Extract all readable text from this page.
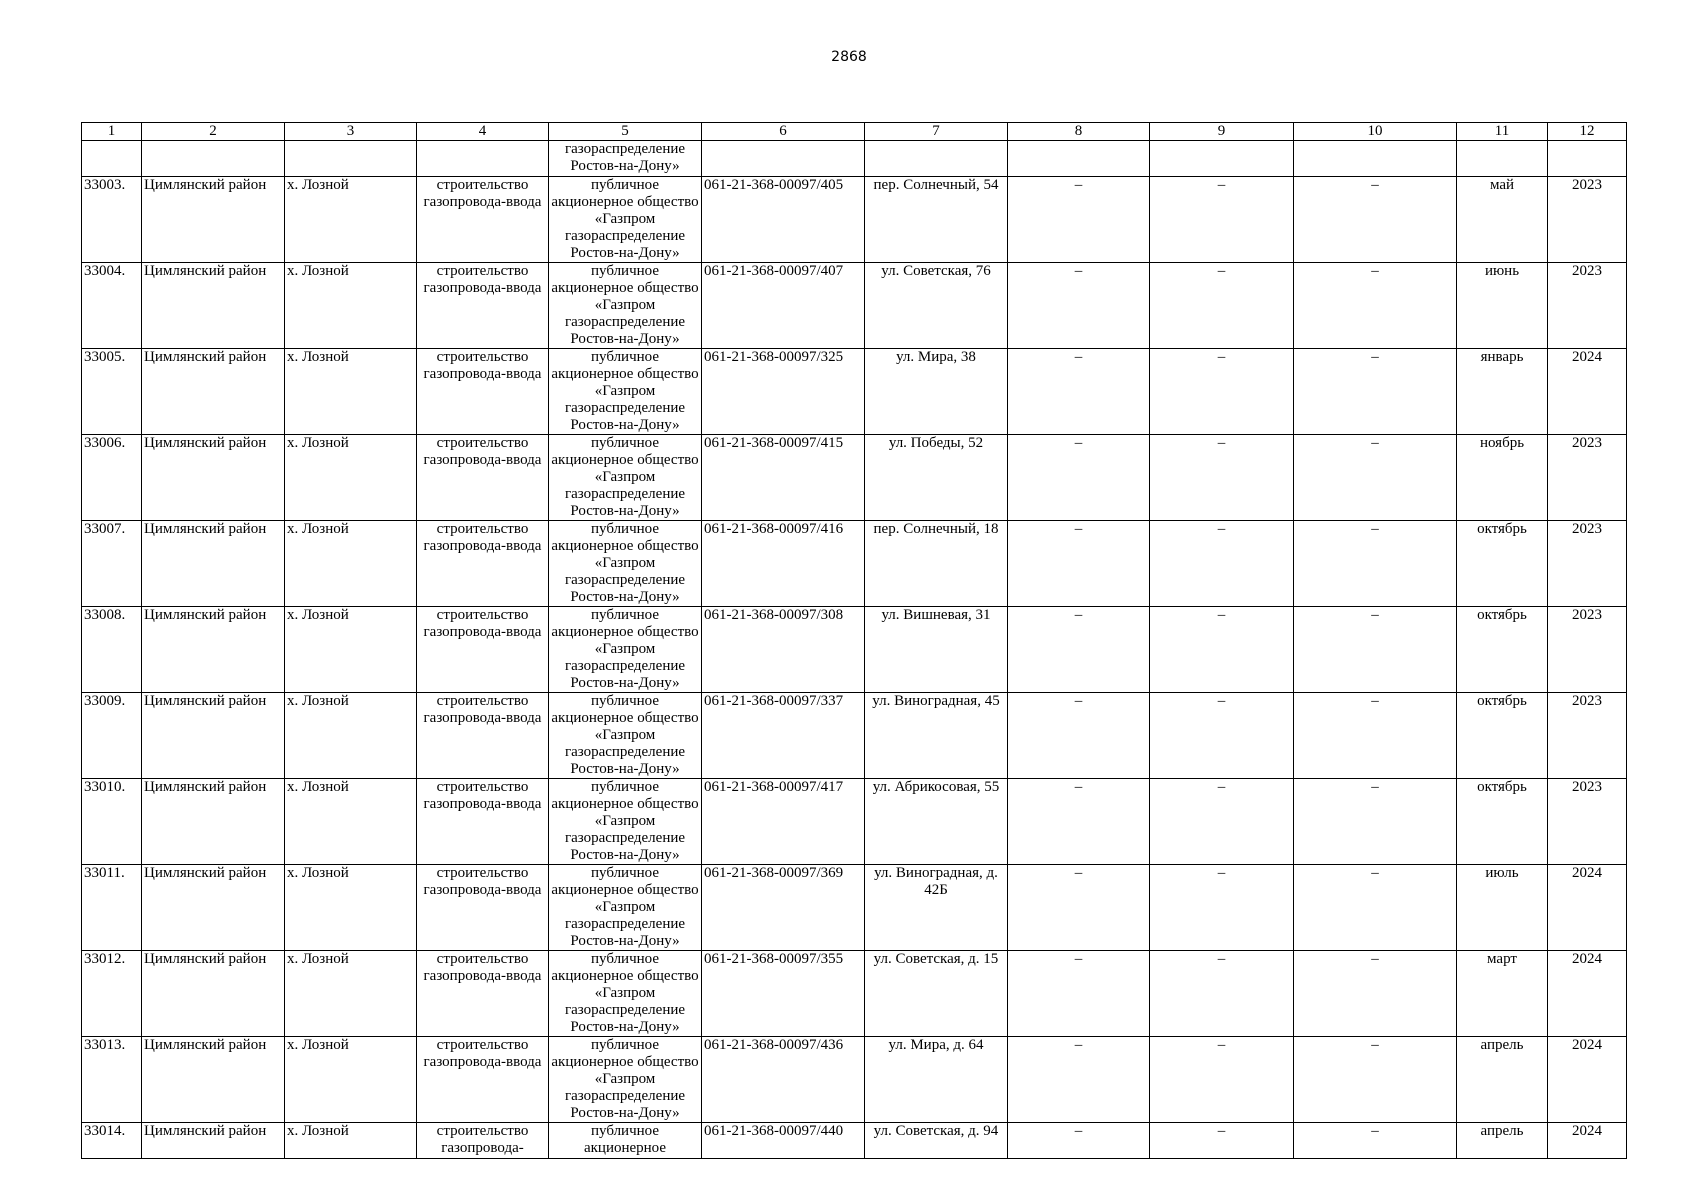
2868
1	2	3	4	5	6	7	8	9	10	11	12
				газораспределение Ростов-на-Дону»							
33003.	Цимлянский район	х. Лозной	строительство газопровода-ввода	публичное акционерное общество «Газпром газораспределение Ростов-на-Дону»	061-21-368-00097/405	пер. Солнечный, 54	–	–	–	май	2023
33004.	Цимлянский район	х. Лозной	строительство газопровода-ввода	публичное акционерное общество «Газпром газораспределение Ростов-на-Дону»	061-21-368-00097/407	ул. Советская, 76	–	–	–	июнь	2023
33005.	Цимлянский район	х. Лозной	строительство газопровода-ввода	публичное акционерное общество «Газпром газораспределение Ростов-на-Дону»	061-21-368-00097/325	ул. Мира, 38	–	–	–	январь	2024
33006.	Цимлянский район	х. Лозной	строительство газопровода-ввода	публичное акционерное общество «Газпром газораспределение Ростов-на-Дону»	061-21-368-00097/415	ул. Победы, 52	–	–	–	ноябрь	2023
33007.	Цимлянский район	х. Лозной	строительство газопровода-ввода	публичное акционерное общество «Газпром газораспределение Ростов-на-Дону»	061-21-368-00097/416	пер. Солнечный, 18	–	–	–	октябрь	2023
33008.	Цимлянский район	х. Лозной	строительство газопровода-ввода	публичное акционерное общество «Газпром газораспределение Ростов-на-Дону»	061-21-368-00097/308	ул. Вишневая, 31	–	–	–	октябрь	2023
33009.	Цимлянский район	х. Лозной	строительство газопровода-ввода	публичное акционерное общество «Газпром газораспределение Ростов-на-Дону»	061-21-368-00097/337	ул. Виноградная, 45	–	–	–	октябрь	2023
33010.	Цимлянский район	х. Лозной	строительство газопровода-ввода	публичное акционерное общество «Газпром газораспределение Ростов-на-Дону»	061-21-368-00097/417	ул. Абрикосовая, 55	–	–	–	октябрь	2023
33011.	Цимлянский район	х. Лозной	строительство газопровода-ввода	публичное акционерное общество «Газпром газораспределение Ростов-на-Дону»	061-21-368-00097/369	ул. Виноградная, д. 42Б	–	–	–	июль	2024
33012.	Цимлянский район	х. Лозной	строительство газопровода-ввода	публичное акционерное общество «Газпром газораспределение Ростов-на-Дону»	061-21-368-00097/355	ул. Советская, д. 15	–	–	–	март	2024
33013.	Цимлянский район	х. Лозной	строительство газопровода-ввода	публичное акционерное общество «Газпром газораспределение Ростов-на-Дону»	061-21-368-00097/436	ул. Мира, д. 64	–	–	–	апрель	2024
33014.	Цимлянский район	х. Лозной	строительство газопровода-	публичное акционерное	061-21-368-00097/440	ул. Советская, д. 94	–	–	–	апрель	2024
